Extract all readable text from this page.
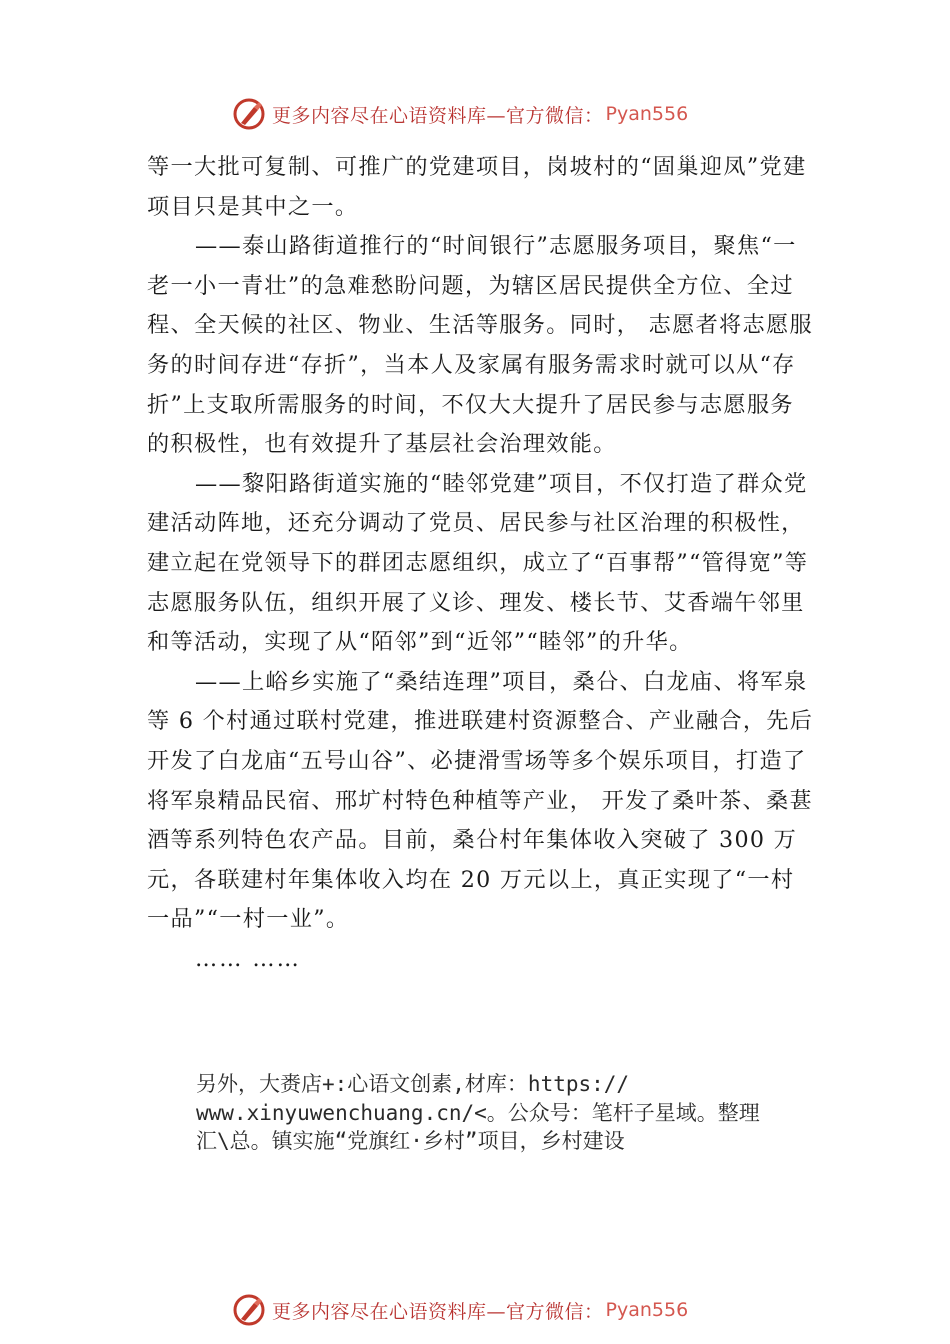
更多内容尽在心语资料库—官方微信： Pyan556

等一大批可复制、可推广的党建项目，岗坡村的“固巢迎凤”党建项目只是其中之一。

——泰山路街道推行的“时间银行”志愿服务项目，聚焦“一老一小一青壮”的急难愁盼问题，为辖区居民提供全方位、全过程、全天候的社区、物业、生活等服务。同时， 志愿者将志愿服务的时间存进“存折”，当本人及家属有服务需求时就可以从“存折”上支取所需服务的时间，不仅大大提升了居民参与志愿服务的积极性，也有效提升了基层社会治理效能。

——黎阳路街道实施的“睦邻党建”项目，不仅打造了群众党建活动阵地，还充分调动了党员、居民参与社区治理的积极性，建立起在党领导下的群团志愿组织，成立了“百事帮”“管得宽”等志愿服务队伍，组织开展了义诊、理发、楼长节、艾香端午邻里和等活动，实现了从“陌邻”到“近邻”“睦邻”的升华。

——上峪乡实施了“桑结连理”项目，桑㕣、白龙庙、将军泉等 6 个村通过联村党建，推进联建村资源整合、产业融合，先后开发了白龙庙“五号山谷”、必捷滑雪场等多个娱乐项目，打造了将军泉精品民宿、邢圹村特色种植等产业， 开发了桑叶茶、桑葚酒等系列特色农产品。目前，桑㕣村年集体收入突破了 300 万元，各联建村年集体收入均在 20 万元以上，真正实现了“一村一品”“一村一业”。

…… ……

另外，大赉店+:心语文创素,材库：https://

www.xinyuwenchuang.cn/<。公众号：笔杆子星域。整理

汇\总。镇实施“党旗红·乡村”项目，乡村建设

更多内容尽在心语资料库—官方微信： Pyan556
